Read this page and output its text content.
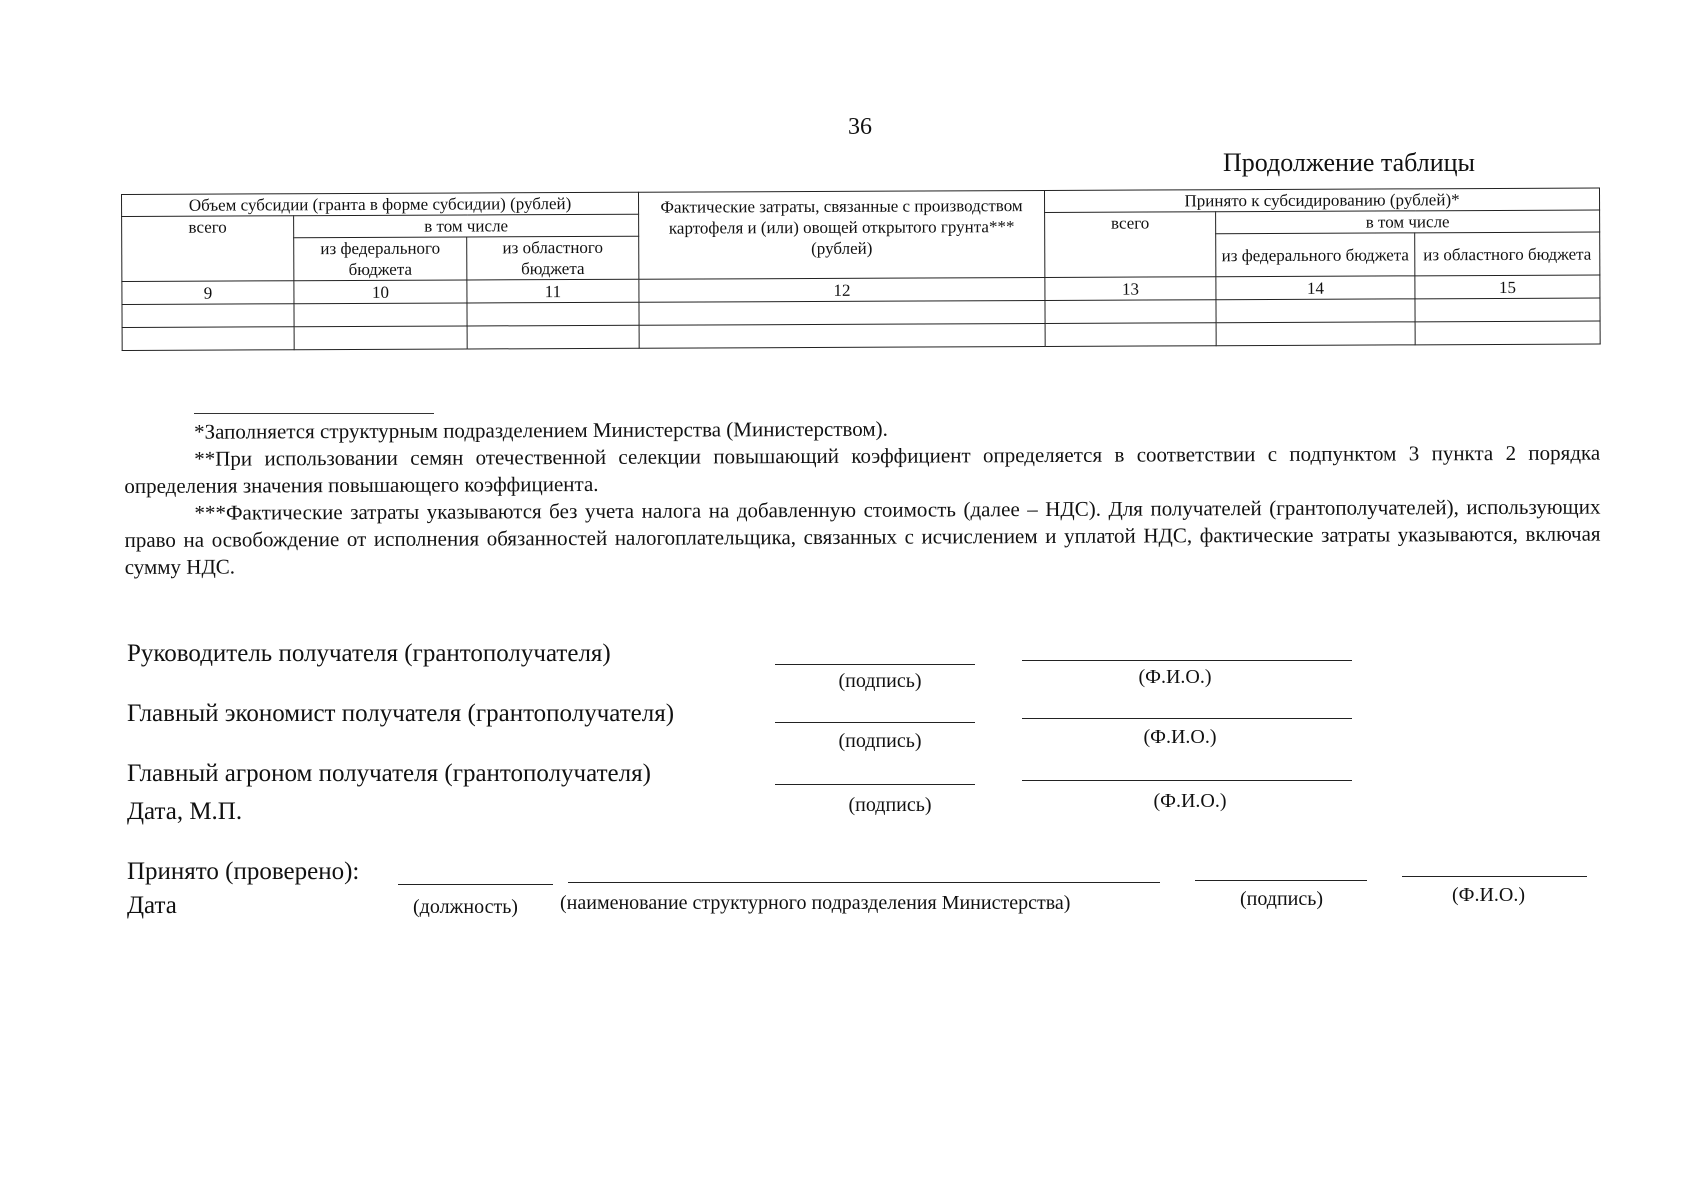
36
Продолжение таблицы
Объем субсидии (гранта в форме субсидии) (рублей)			Фактические затраты, связанные с производством картофеля и (или) овощей открытого грунта*** (рублей)	Принято к субсидированию (рублей)*		
всего	в том числе			всего	в том числе	
	из федерального бюджета	из областного бюджета			из федерального бюджета	из областного бюджета
9	10	11	12	13	14	15

*Заполняется структурным подразделением Министерства (Министерством).

**При использовании семян отечественной селекции повышающий коэффициент определяется в соответствии с подпунктом 3 пункта 2 порядка определения значения повышающего коэффициента.

***Фактические затраты указываются без учета налога на добавленную стоимость (далее – НДС). Для получателей (грантополучателей), использующих право на освобождение от исполнения обязанностей налогоплательщика, связанных с исчислением и уплатой НДС, фактические затраты указываются, включая сумму НДС.

Руководитель получателя (грантополучателя)
(подпись)	(Ф.И.О.)
Главный экономист получателя (грантополучателя)
(подпись)	(Ф.И.О.)
Главный агроном получателя (грантополучателя)
(подпись)	(Ф.И.О.)
Дата, М.П.
Принято (проверено):
Дата	(должность) (наименование структурного подразделения Министерства)	(подпись)	(Ф.И.О.)
